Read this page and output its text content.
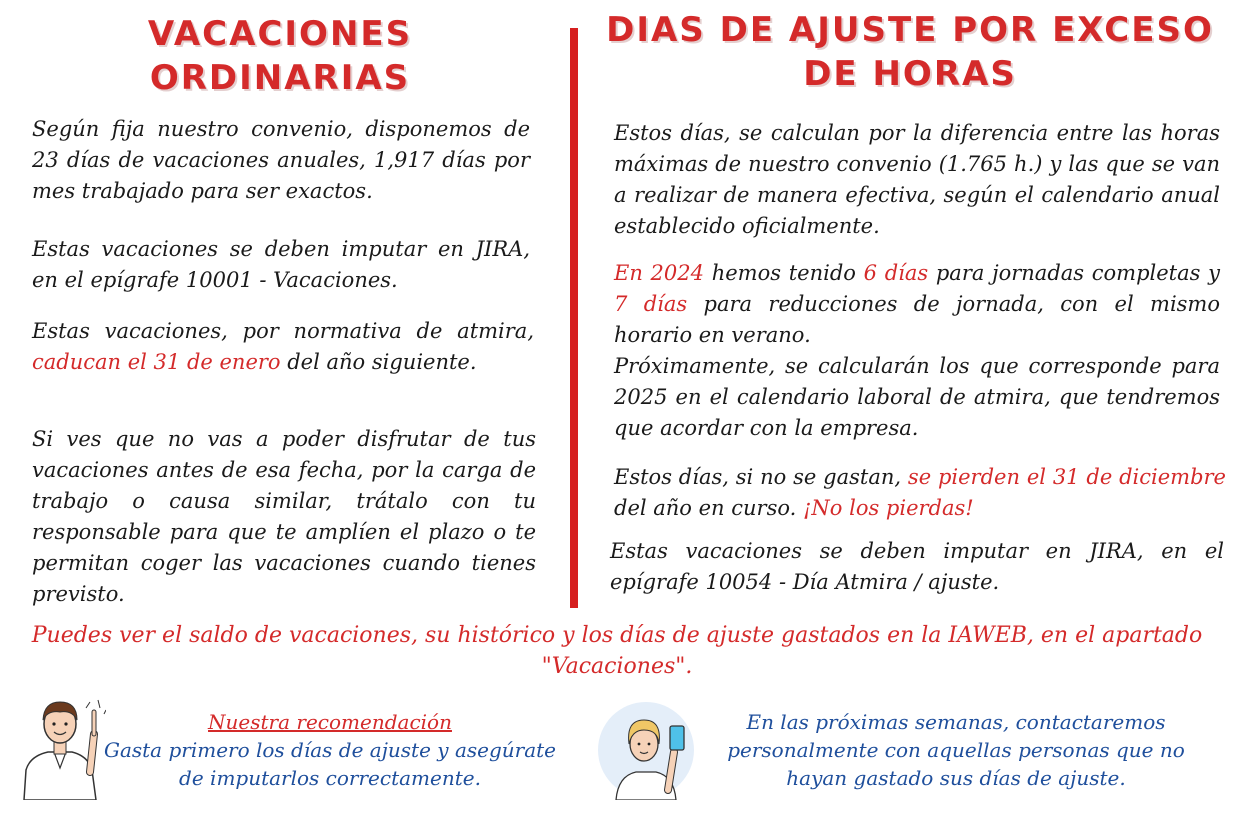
VACACIONES ORDINARIAS
DIAS DE AJUSTE POR EXCESO DE HORAS
Según fija nuestro convenio, disponemos de 23 días de vacaciones anuales, 1,917 días por mes trabajado para ser exactos.
Estas vacaciones se deben imputar en JIRA, en el epígrafe 10001 - Vacaciones.
Estas vacaciones, por normativa de atmira, caducan el 31 de enero del año siguiente.
Si ves que no vas a poder disfrutar de tus vacaciones antes de esa fecha, por la carga de trabajo o causa similar, trátalo con tu responsable para que te amplíen el plazo o te permitan coger las vacaciones cuando tienes previsto.
Estos días, se calculan por la diferencia entre las horas máximas de nuestro convenio (1.765 h.) y las que se van a realizar de manera efectiva, según el calendario anual establecido oficialmente.
En 2024 hemos tenido 6 días para jornadas completas y 7 días para reducciones de jornada, con el mismo horario en verano.
Próximamente, se calcularán los que corresponde para 2025 en el calendario laboral de atmira, que tendremos que acordar con la empresa.
Estos días, si no se gastan, se pierden el 31 de diciembre del año en curso. ¡No los pierdas!
Estas vacaciones se deben imputar en JIRA, en el epígrafe 10054 - Día Atmira / ajuste.
Puedes ver el saldo de vacaciones, su histórico y los días de ajuste gastados en la IAWEB, en el apartado "Vacaciones".
Nuestra recomendación
Gasta primero los días de ajuste y asegúrate de imputarlos correctamente.
En las próximas semanas, contactaremos personalmente con aquellas personas que no hayan gastado sus días de ajuste.
